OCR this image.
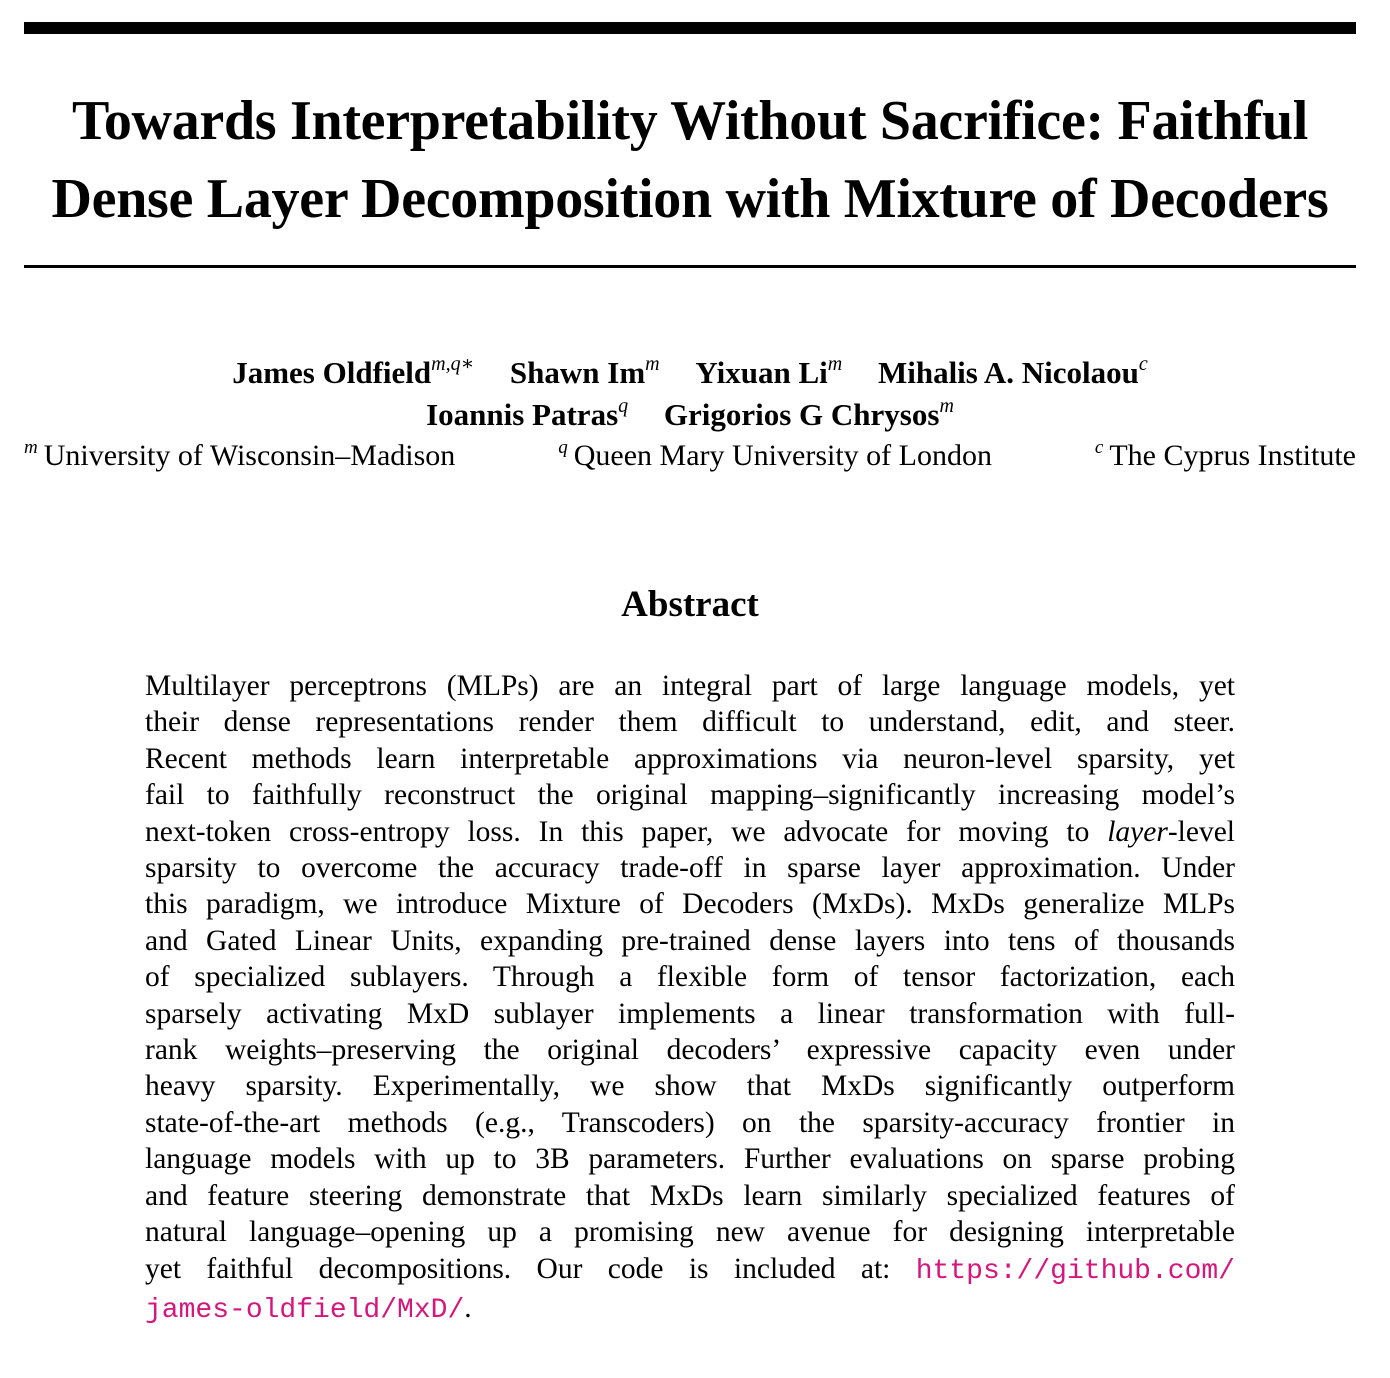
Towards Interpretability Without Sacrifice: Faithful
Dense Layer Decomposition with Mixture of Decoders
James Oldfield$^{m,q∗}$ Shawn Im$^m$ Yixuan Li$^m$ Mihalis A. Nicolaou$^c$
Ioannis Patras$^q$ Grigorios G Chrysos$^m$
$^m$ University of Wisconsin–Madison	$^q$ Queen Mary University of London	$^c$ The Cyprus Institute
Abstract
Multilayer perceptrons (MLPs) are an integral part of large language models, yet
their dense representations render them difficult to understand, edit, and steer.
Recent methods learn interpretable approximations via neuron-level sparsity, yet
fail to faithfully reconstruct the original mapping–significantly increasing model’s
next-token cross-entropy loss. In this paper, we advocate for moving to layer-level
sparsity to overcome the accuracy trade-off in sparse layer approximation. Under
this paradigm, we introduce Mixture of Decoders (MxDs). MxDs generalize MLPs
and Gated Linear Units, expanding pre-trained dense layers into tens of thousands
of specialized sublayers. Through a flexible form of tensor factorization, each
sparsely activating MxD sublayer implements a linear transformation with full-
rank weights–preserving the original decoders’ expressive capacity even under
heavy sparsity. Experimentally, we show that MxDs significantly outperform
state-of-the-art methods (e.g., Transcoders) on the sparsity-accuracy frontier in
language models with up to 3B parameters. Further evaluations on sparse probing
and feature steering demonstrate that MxDs learn similarly specialized features of
natural language–opening up a promising new avenue for designing interpretable
yet faithful decompositions. Our code is included at: https://github.com/
james-oldfield/MxD/.
